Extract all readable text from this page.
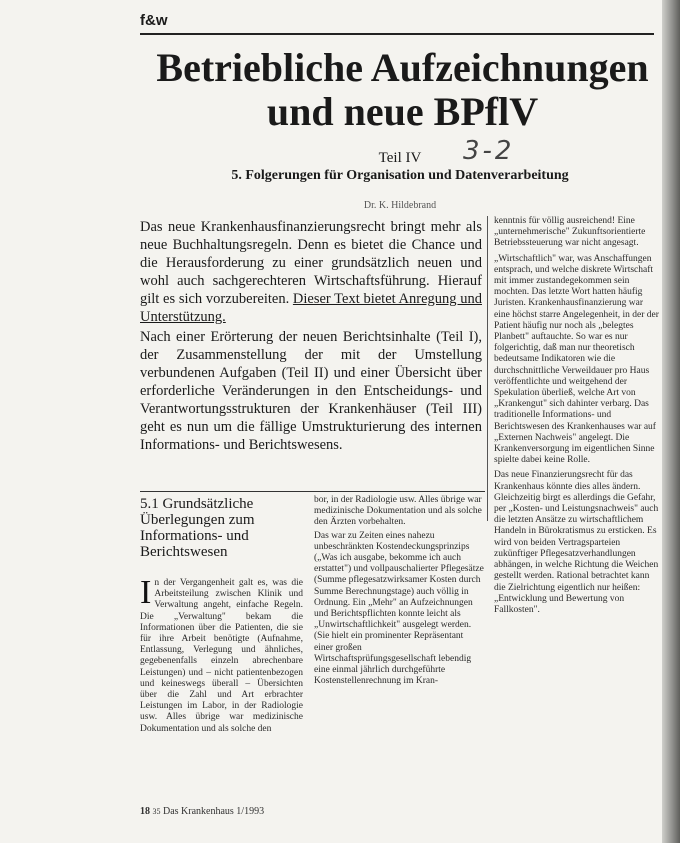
f&w
Betriebliche Aufzeichnungen
und neue BPflV
3-2

Teil IV

5. Folgerungen für Organisation und Datenverarbeitung

Dr. K. Hildebrand

Das neue Krankenhausfinanzierungsrecht bringt mehr als neue Buchhaltungsregeln. Denn es bietet die Chance und die Herausforderung zu einer grundsätzlich neuen und wohl auch sachgerechteren Wirtschaftsführung. Hierauf gilt es sich vorzubereiten. Dieser Text bietet Anregung und Unterstützung.

Nach einer Erörterung der neuen Berichtsinhalte (Teil I), der Zusammenstellung der mit der Umstellung verbundenen Aufgaben (Teil II) und einer Übersicht über erforderliche Veränderungen in den Entscheidungs- und Verantwortungsstrukturen der Krankenhäuser (Teil III) geht es nun um die fällige Umstrukturierung des internen Informations- und Berichtswesens.

kenntnis für völlig ausreichend! Eine „unternehmerische" Zukunftsorientierte Betriebssteuerung war nicht angesagt.

„Wirtschaftlich" war, was Anschaffungen entsprach, und welche diskrete Wirtschaft mit immer zustandegekommen sein mochten. Das letzte Wort hatten häufig Juristen. Krankenhausfinanzierung war eine höchst starre Angelegenheit, in der der Patient häufig nur noch als „belegtes Planbett" auftauchte. So war es nur folgerichtig, daß man nur theoretisch bedeutsame Indikatoren wie die durchschnittliche Verweildauer pro Haus veröffentlichte und weitgehend der Spekulation überließ, welche Art von „Krankengut" sich dahinter verbarg. Das traditionelle Informations- und Berichtswesen des Krankenhauses war auf „Externen Nachweis" angelegt. Die Krankenversorgung im eigentlichen Sinne spielte dabei keine Rolle.

Das neue Finanzierungsrecht für das Krankenhaus könnte dies alles ändern. Gleichzeitig birgt es allerdings die Gefahr, per „Kosten- und Leistungsnachweis" auch die letzten Ansätze zu wirtschaftlichem Handeln in Bürokratismus zu ersticken. Es wird von beiden Vertragsparteien zukünftiger Pflegesatzverhandlungen abhängen, in welche Richtung die Weichen gestellt werden. Rational betrachtet kann die Zielrichtung eigentlich nur heißen: „Entwicklung und Bewertung von Fallkosten".

5.1 Grundsätzliche Überlegungen zum Informations- und Berichtswesen
I n der Vergangenheit galt es, was die Arbeitsteilung zwischen Klinik und Verwaltung angeht, einfache Regeln. Die „Verwaltung" bekam die Informationen über die Patienten, die sie für ihre Arbeit benötigte (Aufnahme, Entlassung, Verlegung und ähnliches, gegebenenfalls einzeln abrechenbare Leistungen) und – nicht patientenbezogen und keineswegs überall – Übersichten über die Zahl und Art erbrachter Leistungen im Labor, in der Radiologie usw. Alles übrige war medizinische Dokumentation und als solche den

bor, in der Radiologie usw. Alles übrige war medizinische Dokumentation und als solche den Ärzten vorbehalten.

Das war zu Zeiten eines nahezu unbeschränkten Kostendeckungsprinzips („Was ich ausgabe, bekomme ich auch erstattet") und vollpauschalierter Pflegesätze (Summe pflegesatzwirksamer Kosten durch Summe Berechnungstage) auch völlig in Ordnung. Ein „Mehr" an Aufzeichnungen und Berichtspflichten konnte leicht als „Unwirtschaftlichkeit" ausgelegt werden. (Sie hielt ein prominenter Repräsentant einer großen Wirtschaftsprüfungsgesellschaft lebendig eine einmal jährlich durchgeführte Kostenstellenrechnung im Kran-

18 35 Das Krankenhaus 1/1993
